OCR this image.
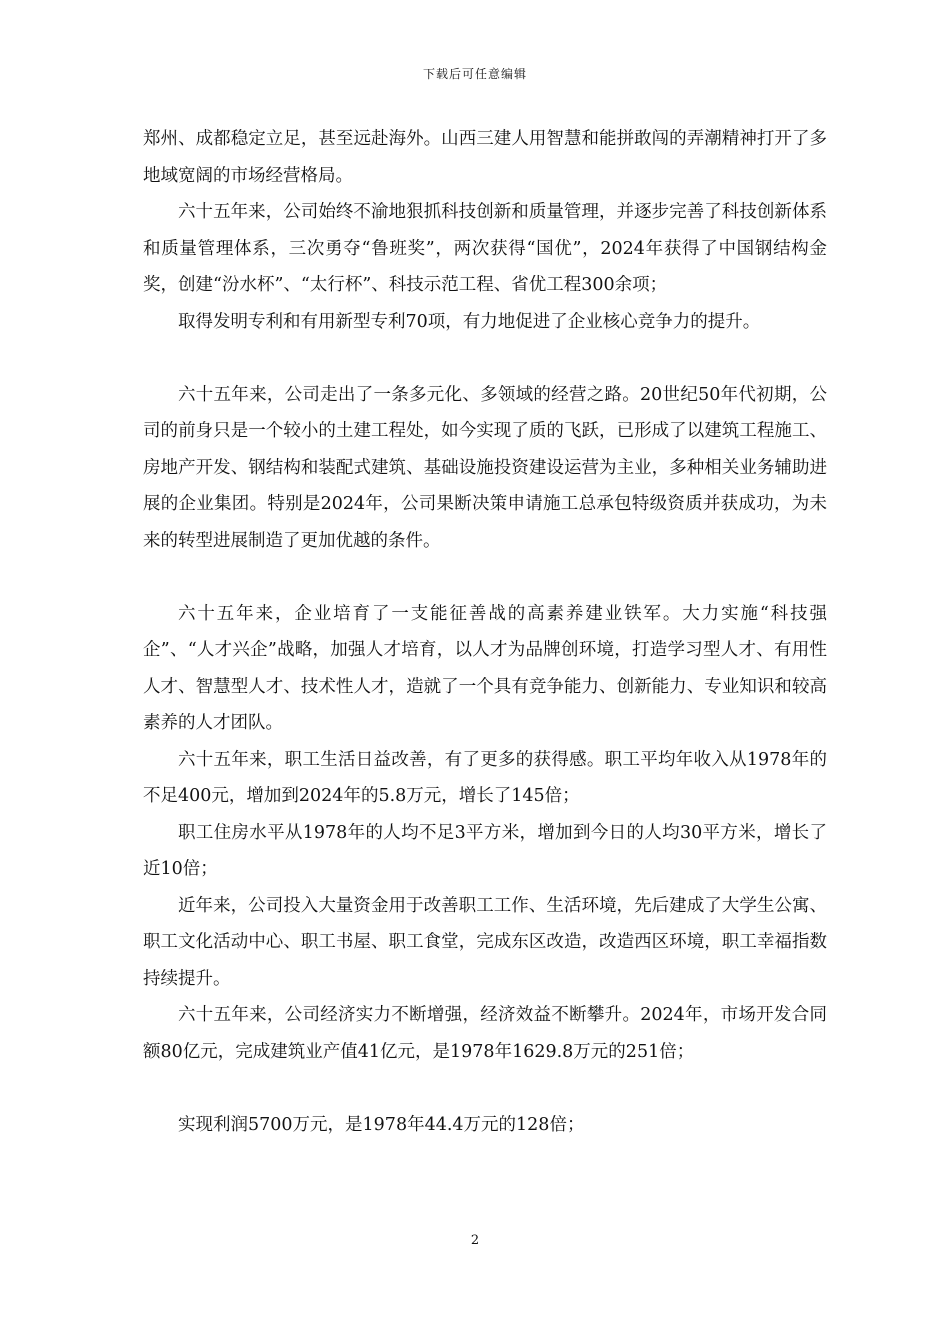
下载后可任意编辑

郑州、成都稳定立足，甚至远赴海外。山西三建人用智慧和能拼敢闯的弄潮精神打开了多地域宽阔的市场经营格局。

六十五年来，公司始终不渝地狠抓科技创新和质量管理，并逐步完善了科技创新体系和质量管理体系，三次勇夺“鲁班奖”，两次获得“国优”，2024年获得了中国钢结构金奖，创建“汾水杯”、“太行杯”、科技示范工程、省优工程300余项；

取得发明专利和有用新型专利70项，有力地促进了企业核心竞争力的提升。

六十五年来，公司走出了一条多元化、多领域的经营之路。20世纪50年代初期，公司的前身只是一个较小的土建工程处，如今实现了质的飞跃，已形成了以建筑工程施工、房地产开发、钢结构和装配式建筑、基础设施投资建设运营为主业，多种相关业务辅助进展的企业集团。特别是2024年，公司果断决策申请施工总承包特级资质并获成功，为未来的转型进展制造了更加优越的条件。

六十五年来，企业培育了一支能征善战的高素养建业铁军。大力实施“科技强企”、“人才兴企”战略，加强人才培育，以人才为品牌创环境，打造学习型人才、有用性人才、智慧型人才、技术性人才，造就了一个具有竞争能力、创新能力、专业知识和较高素养的人才团队。

六十五年来，职工生活日益改善，有了更多的获得感。职工平均年收入从1978年的不足400元，增加到2024年的5.8万元，增长了145倍；

职工住房水平从1978年的人均不足3平方米，增加到今日的人均30平方米，增长了近10倍；

近年来，公司投入大量资金用于改善职工工作、生活环境，先后建成了大学生公寓、职工文化活动中心、职工书屋、职工食堂，完成东区改造，改造西区环境，职工幸福指数持续提升。

六十五年来，公司经济实力不断增强，经济效益不断攀升。2024年，市场开发合同额80亿元，完成建筑业产值41亿元，是1978年1629.8万元的251倍；

实现利润5700万元，是1978年44.4万元的128倍；

2
